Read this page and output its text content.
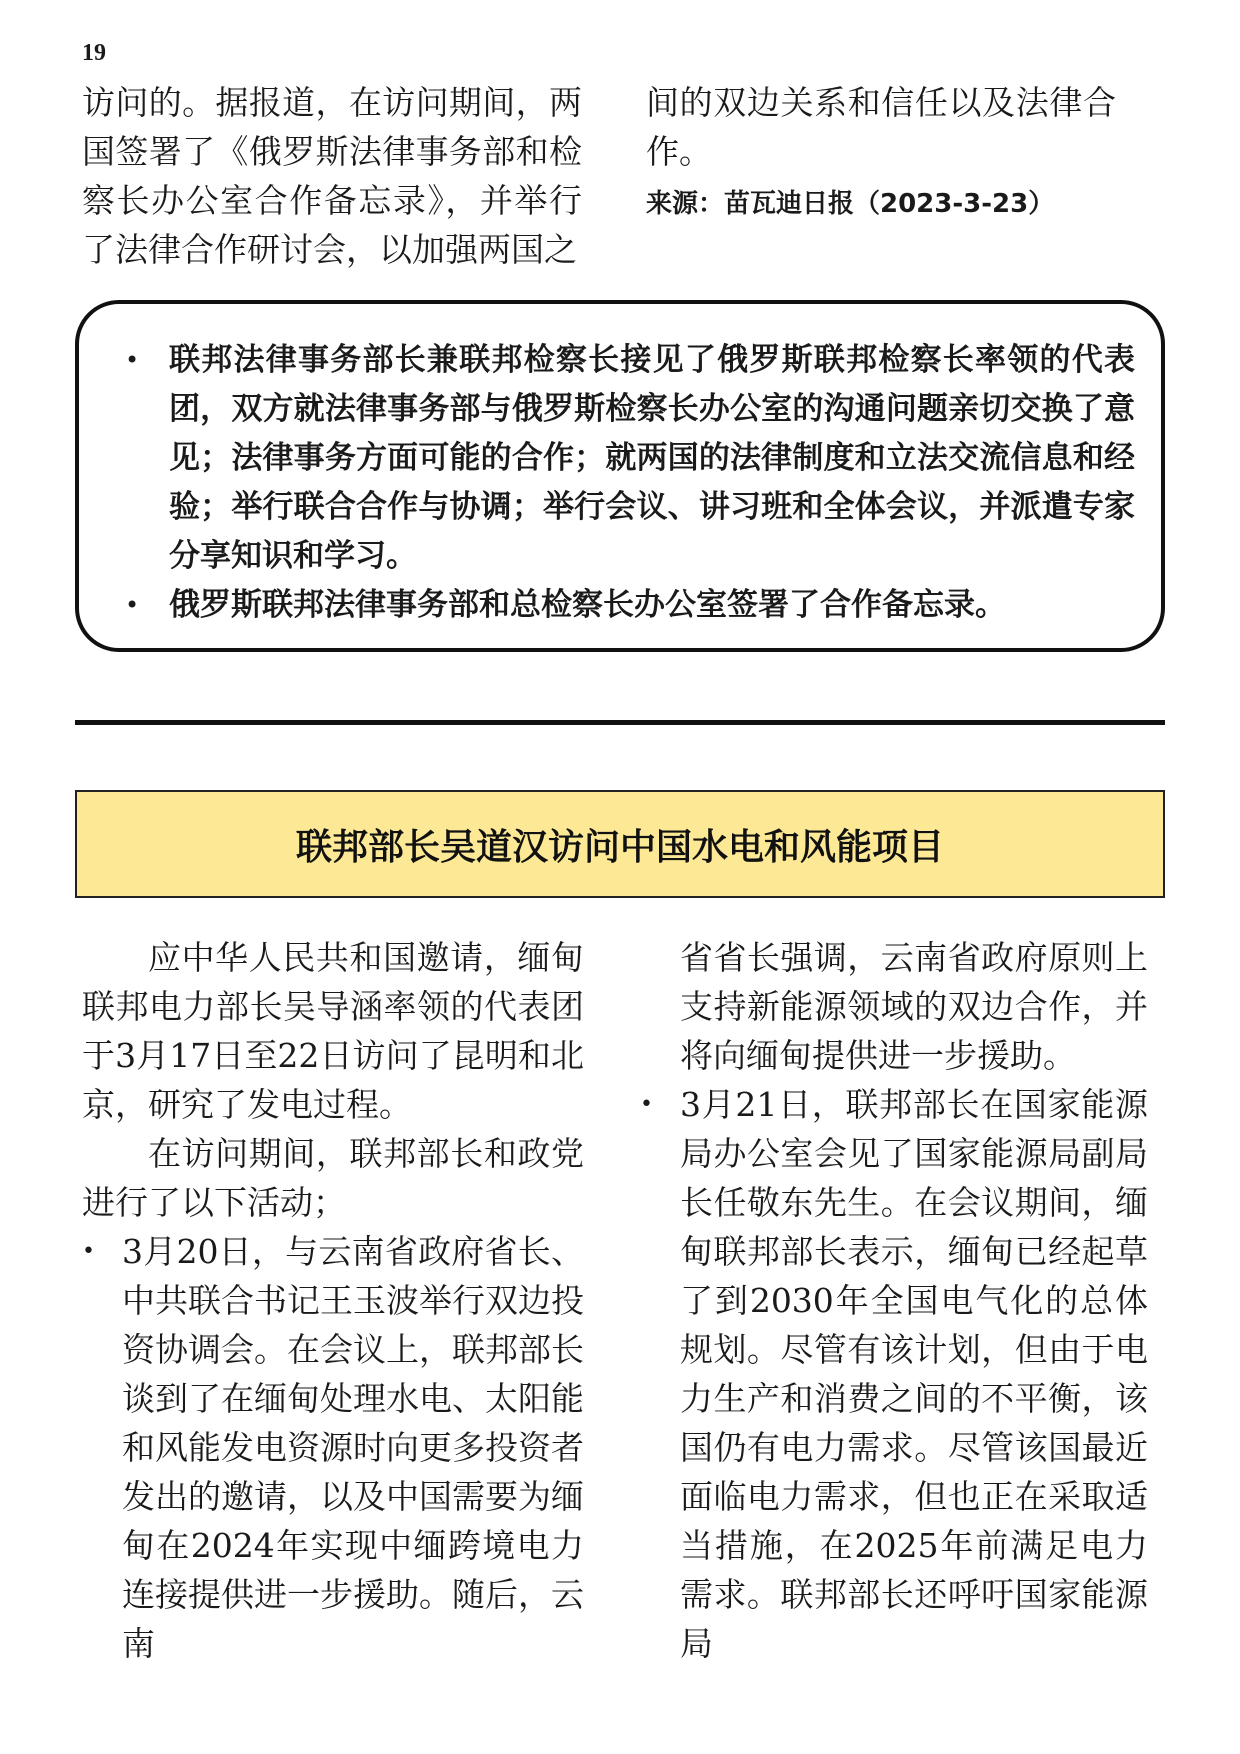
19

访问的。据报道，在访问期间，两国签署了《俄罗斯法律事务部和检察长办公室合作备忘录》，并举行了法律合作研讨会，以加强两国之

间的双边关系和信任以及法律合作。

来源：苗瓦迪日报（2023-3-23）

• 联邦法律事务部长兼联邦检察长接见了俄罗斯联邦检察长率领的代表团，双方就法律事务部与俄罗斯检察长办公室的沟通问题亲切交换了意见；法律事务方面可能的合作；就两国的法律制度和立法交流信息和经验；举行联合合作与协调；举行会议、讲习班和全体会议，并派遣专家分享知识和学习。
• 俄罗斯联邦法律事务部和总检察长办公室签署了合作备忘录。
联邦部长吴道汉访问中国水电和风能项目

应中华人民共和国邀请，缅甸联邦电力部长吴导涵率领的代表团于3月17日至22日访问了昆明和北京，研究了发电过程。

在访问期间，联邦部长和政党进行了以下活动；

• 3月20日，与云南省政府省长、中共联合书记王玉波举行双边投资协调会。在会议上，联邦部长谈到了在缅甸处理水电、太阳能和风能发电资源时向更多投资者发出的邀请，以及中国需要为缅甸在2024年实现中缅跨境电力连接提供进一步援助。随后，云南

省省长强调，云南省政府原则上支持新能源领域的双边合作，并将向缅甸提供进一步援助。

• 3月21日，联邦部长在国家能源局办公室会见了国家能源局副局长任敬东先生。在会议期间，缅甸联邦部长表示，缅甸已经起草了到2030年全国电气化的总体规划。尽管有该计划，但由于电力生产和消费之间的不平衡，该国仍有电力需求。尽管该国最近面临电力需求，但也正在采取适当措施，在2025年前满足电力需求。联邦部长还呼吁国家能源局
